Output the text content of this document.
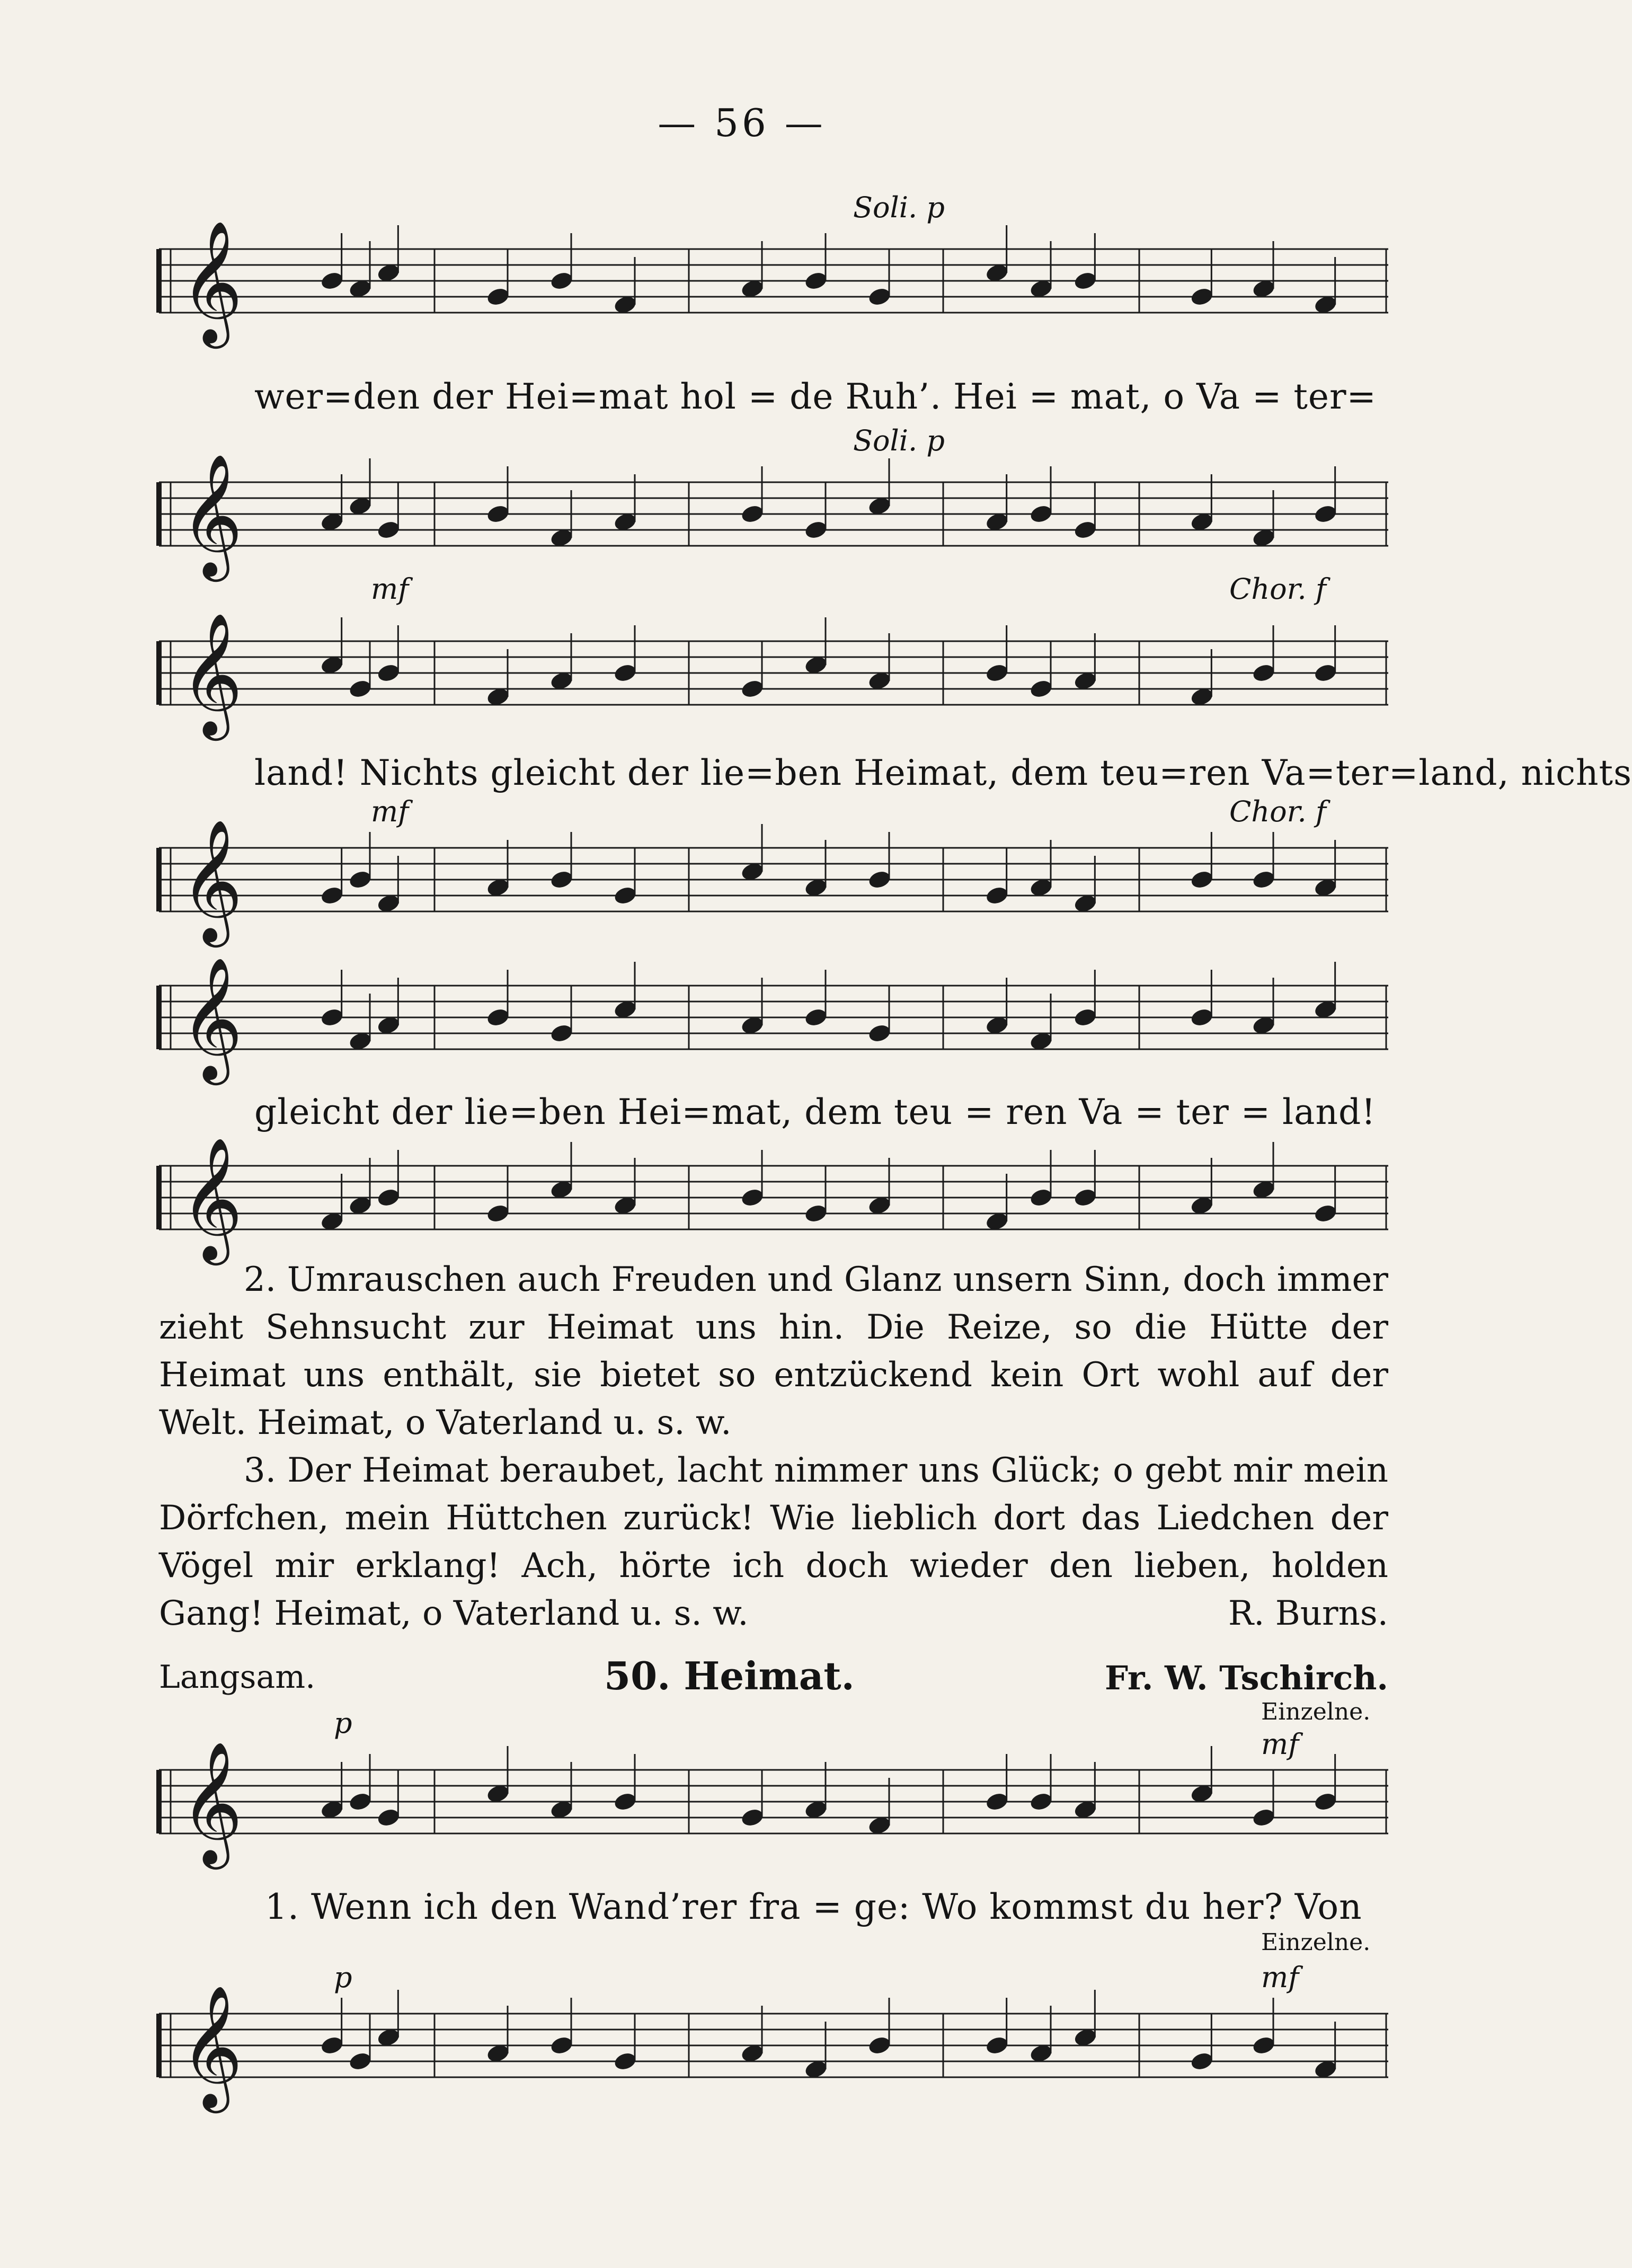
— 56 —
Soli. p
𝄞
wer=den der Hei=mat hol = de Ruh’. Hei = mat, o Va = ter=
Soli. p
𝄞
mf	Chor. f
𝄞
land! Nichts gleicht der lie=ben Heimat, dem teu=ren Va=ter=land, nichts
mf	Chor. f
𝄞
𝄞
gleicht der lie=ben Hei=mat, dem teu = ren Va = ter = land!
𝄞

2. Umrauschen auch Freuden und Glanz unsern Sinn, doch immer zieht Sehnsucht zur Heimat uns hin. Die Reize, so die Hütte der Heimat uns enthält, sie bietet so entzückend kein Ort wohl auf der Welt. Heimat, o Vaterland u. s. w.

3. Der Heimat beraubet, lacht nimmer uns Glück; o gebt mir mein Dörfchen, mein Hüttchen zurück! Wie lieblich dort das Liedchen der Vögel mir erklang! Ach, hörte ich doch wieder den lieben, holden Gang! Heimat, o Vaterland u. s. w.	R. Burns.
Langsam.	50. Heimat.	Fr. W. Tschirch.
p	Einzelne.
mf
𝄞
1. Wenn ich den Wand’rer fra = ge: Wo kommst du her? Von
Einzelne.
p	mf
𝄞
